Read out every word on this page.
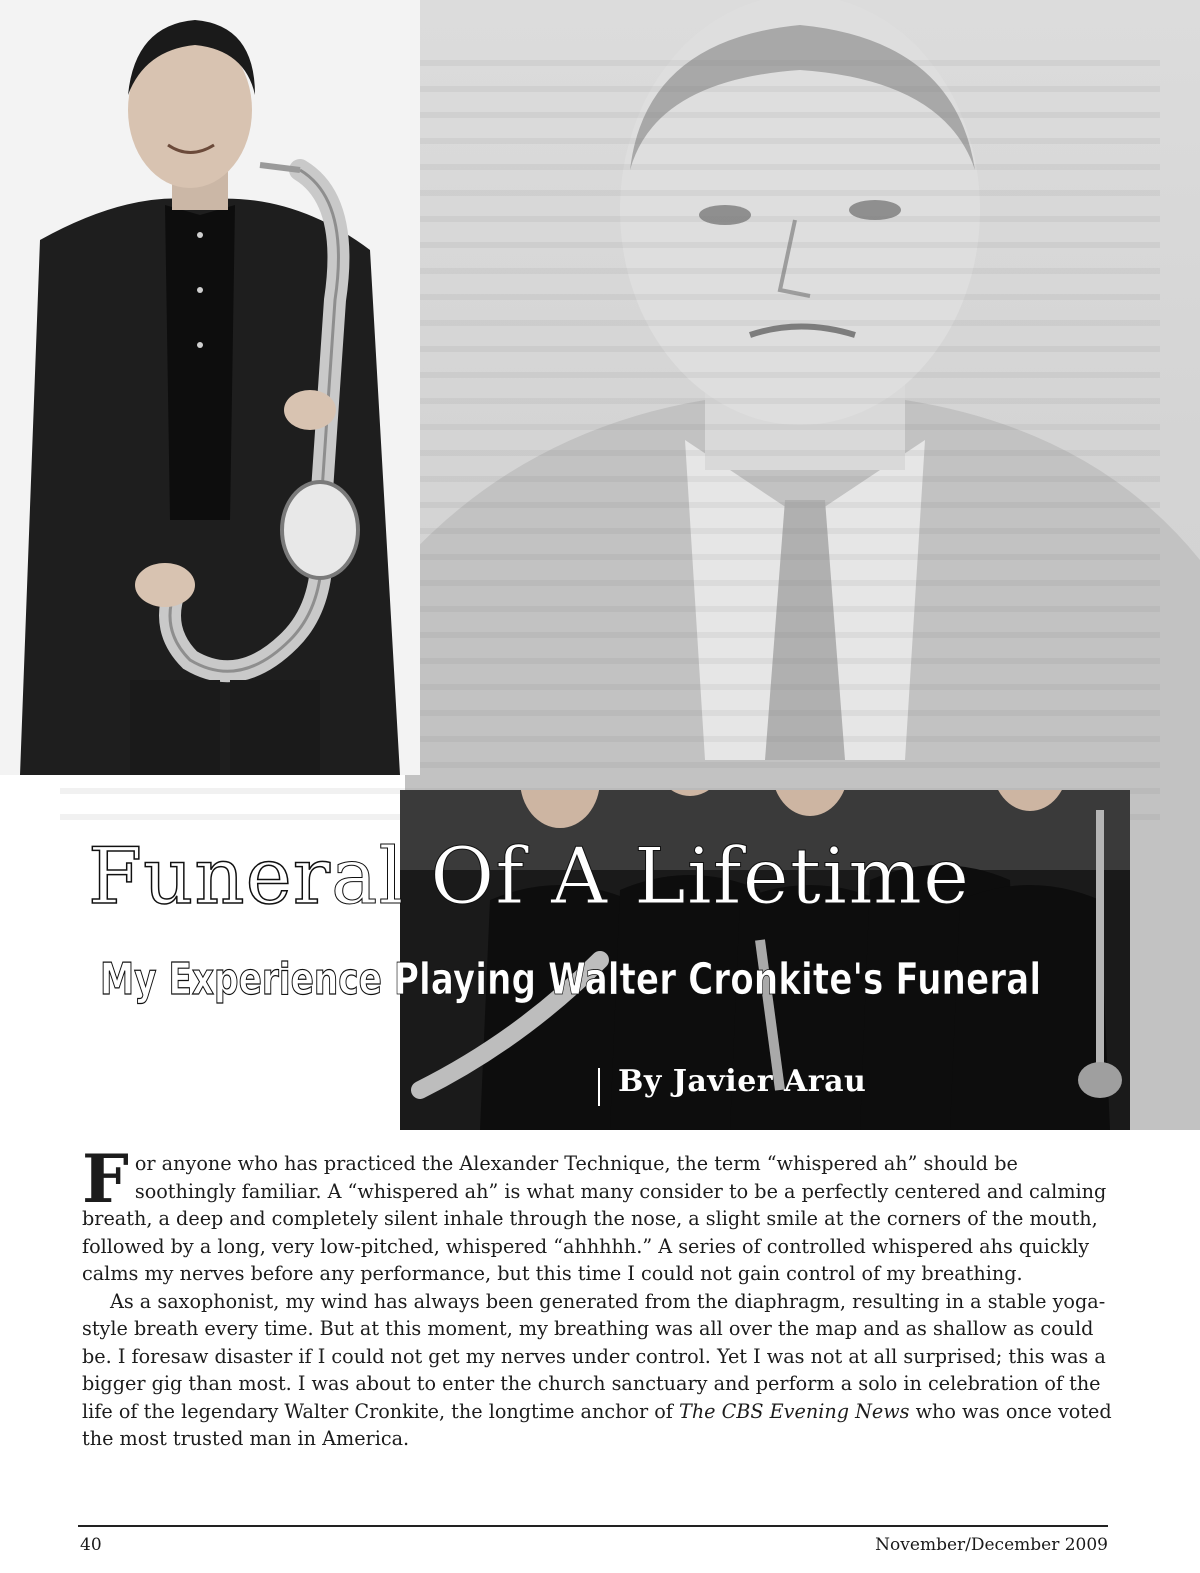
Funeral Of A Lifetime
My Experience Playing Walter Cronkite's Funeral
By Javier Arau

For anyone who has practiced the Alexander Technique, the term “whispered ah” should be soothingly familiar. A “whispered ah” is what many consider to be a perfectly centered and calming breath, a deep and completely silent inhale through the nose, a slight smile at the corners of the mouth, followed by a long, very low-pitched, whispered “ahhhhh.” A series of controlled whispered ahs quickly calms my nerves before any performance, but this time I could not gain control of my breathing.

As a saxophonist, my wind has always been generated from the diaphragm, resulting in a stable yoga-style breath every time. But at this moment, my breathing was all over the map and as shallow as could be. I foresaw disaster if I could not get my nerves under control. Yet I was not at all surprised; this was a bigger gig than most. I was about to enter the church sanctuary and perform a solo in celebration of the life of the legendary Walter Cronkite, the longtime anchor of The CBS Evening News who was once voted the most trusted man in America.

40	November/December 2009
